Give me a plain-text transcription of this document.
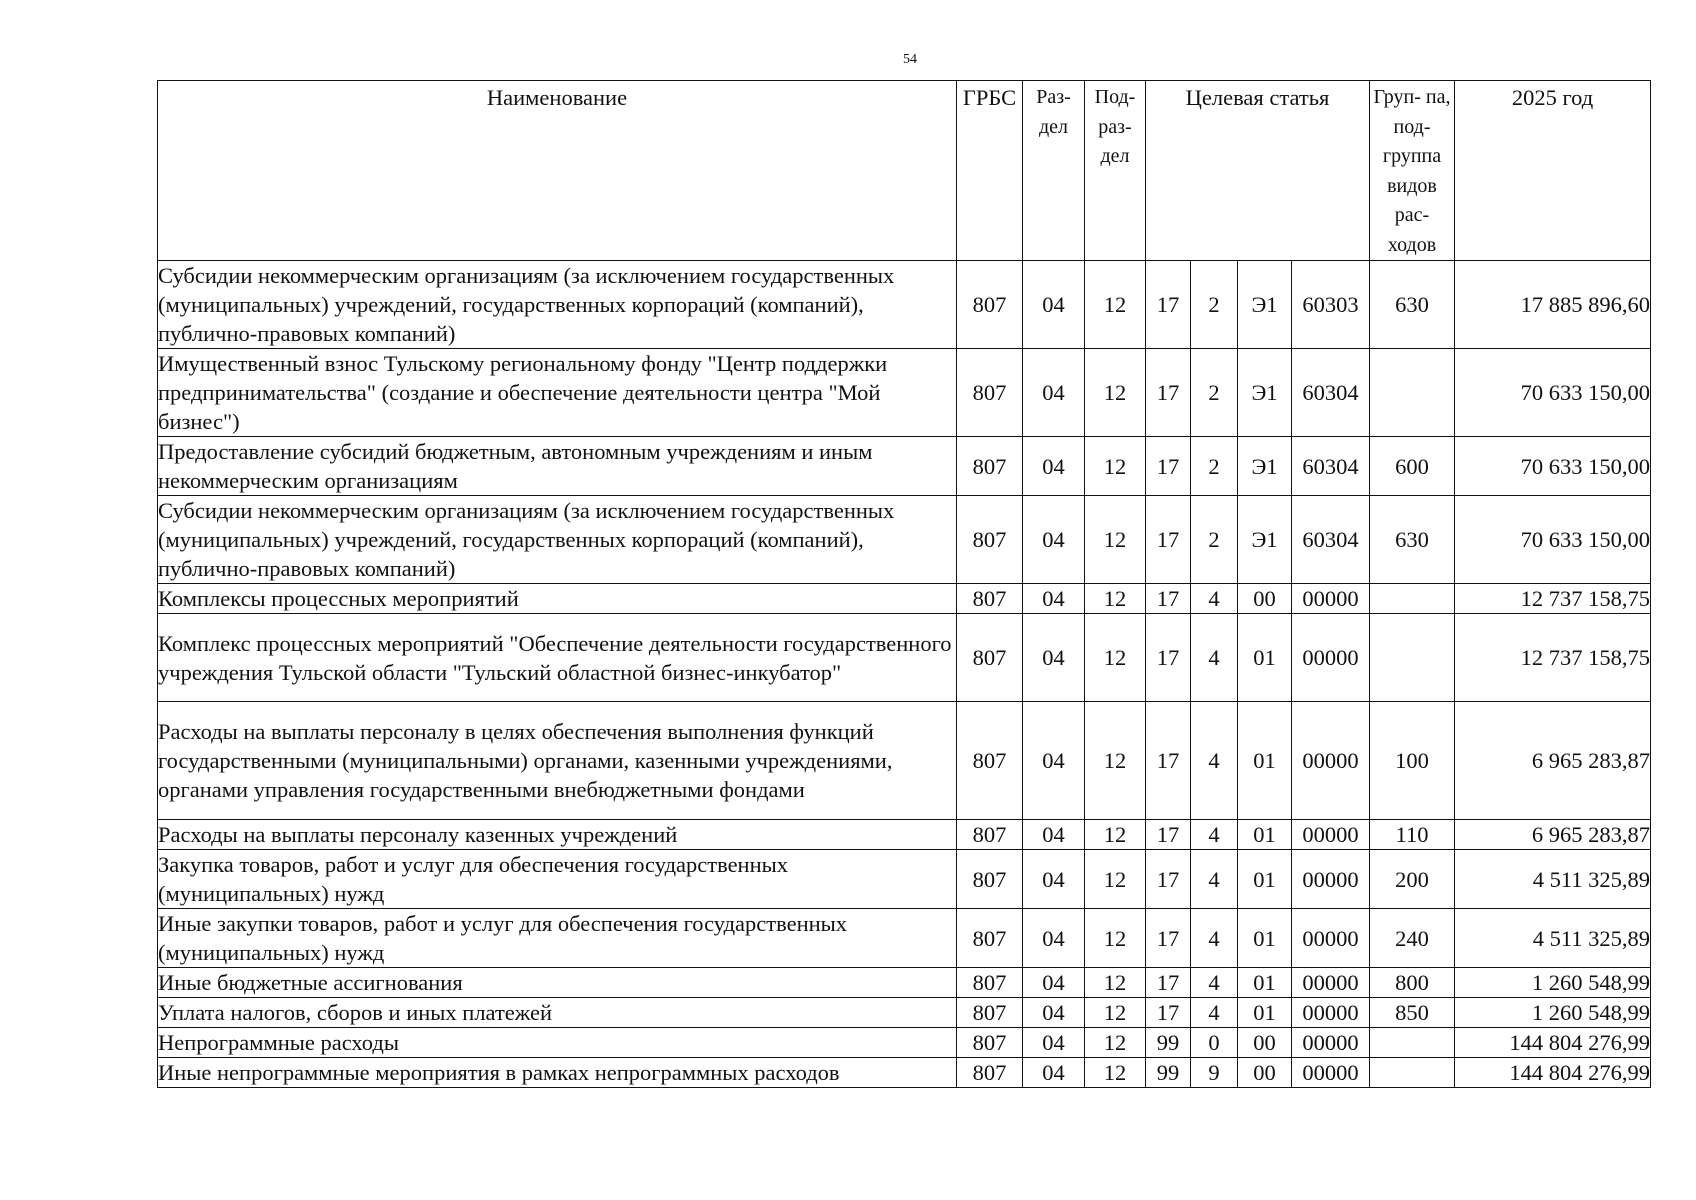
54
Наименование	ГРБС	Раз- дел	Под- раз- дел	Целевая статья				Груп- па, под- группа видов рас- ходов	2025 год
Субсидии некоммерческим организациям (за исключением государственных (муниципальных) учреждений, государственных корпораций (компаний), публично-правовых компаний)	807	04	12	17	2	Э1	60303	630	17 885 896,60
Имущественный взнос Тульскому региональному фонду "Центр поддержки предпринимательства" (создание и обеспечение деятельности центра "Мой бизнес")	807	04	12	17	2	Э1	60304		70 633 150,00
Предоставление субсидий бюджетным, автономным учреждениям и иным некоммерческим организациям	807	04	12	17	2	Э1	60304	600	70 633 150,00
Субсидии некоммерческим организациям (за исключением государственных (муниципальных) учреждений, государственных корпораций (компаний), публично-правовых компаний)	807	04	12	17	2	Э1	60304	630	70 633 150,00
Комплексы процессных мероприятий	807	04	12	17	4	00	00000		12 737 158,75
Комплекс процессных мероприятий "Обеспечение деятельности государственного учреждения Тульской области "Тульский областной бизнес-инкубатор"	807	04	12	17	4	01	00000		12 737 158,75
Расходы на выплаты персоналу в целях обеспечения выполнения функций государственными (муниципальными) органами, казенными учреждениями, органами управления государственными внебюджетными фондами	807	04	12	17	4	01	00000	100	6 965 283,87
Расходы на выплаты персоналу казенных учреждений	807	04	12	17	4	01	00000	110	6 965 283,87
Закупка товаров, работ и услуг для обеспечения государственных (муниципальных) нужд	807	04	12	17	4	01	00000	200	4 511 325,89
Иные закупки товаров, работ и услуг для обеспечения государственных (муниципальных) нужд	807	04	12	17	4	01	00000	240	4 511 325,89
Иные бюджетные ассигнования	807	04	12	17	4	01	00000	800	1 260 548,99
Уплата налогов, сборов и иных платежей	807	04	12	17	4	01	00000	850	1 260 548,99
Непрограммные расходы	807	04	12	99	0	00	00000		144 804 276,99
Иные непрограммные мероприятия в рамках непрограммных расходов	807	04	12	99	9	00	00000		144 804 276,99
